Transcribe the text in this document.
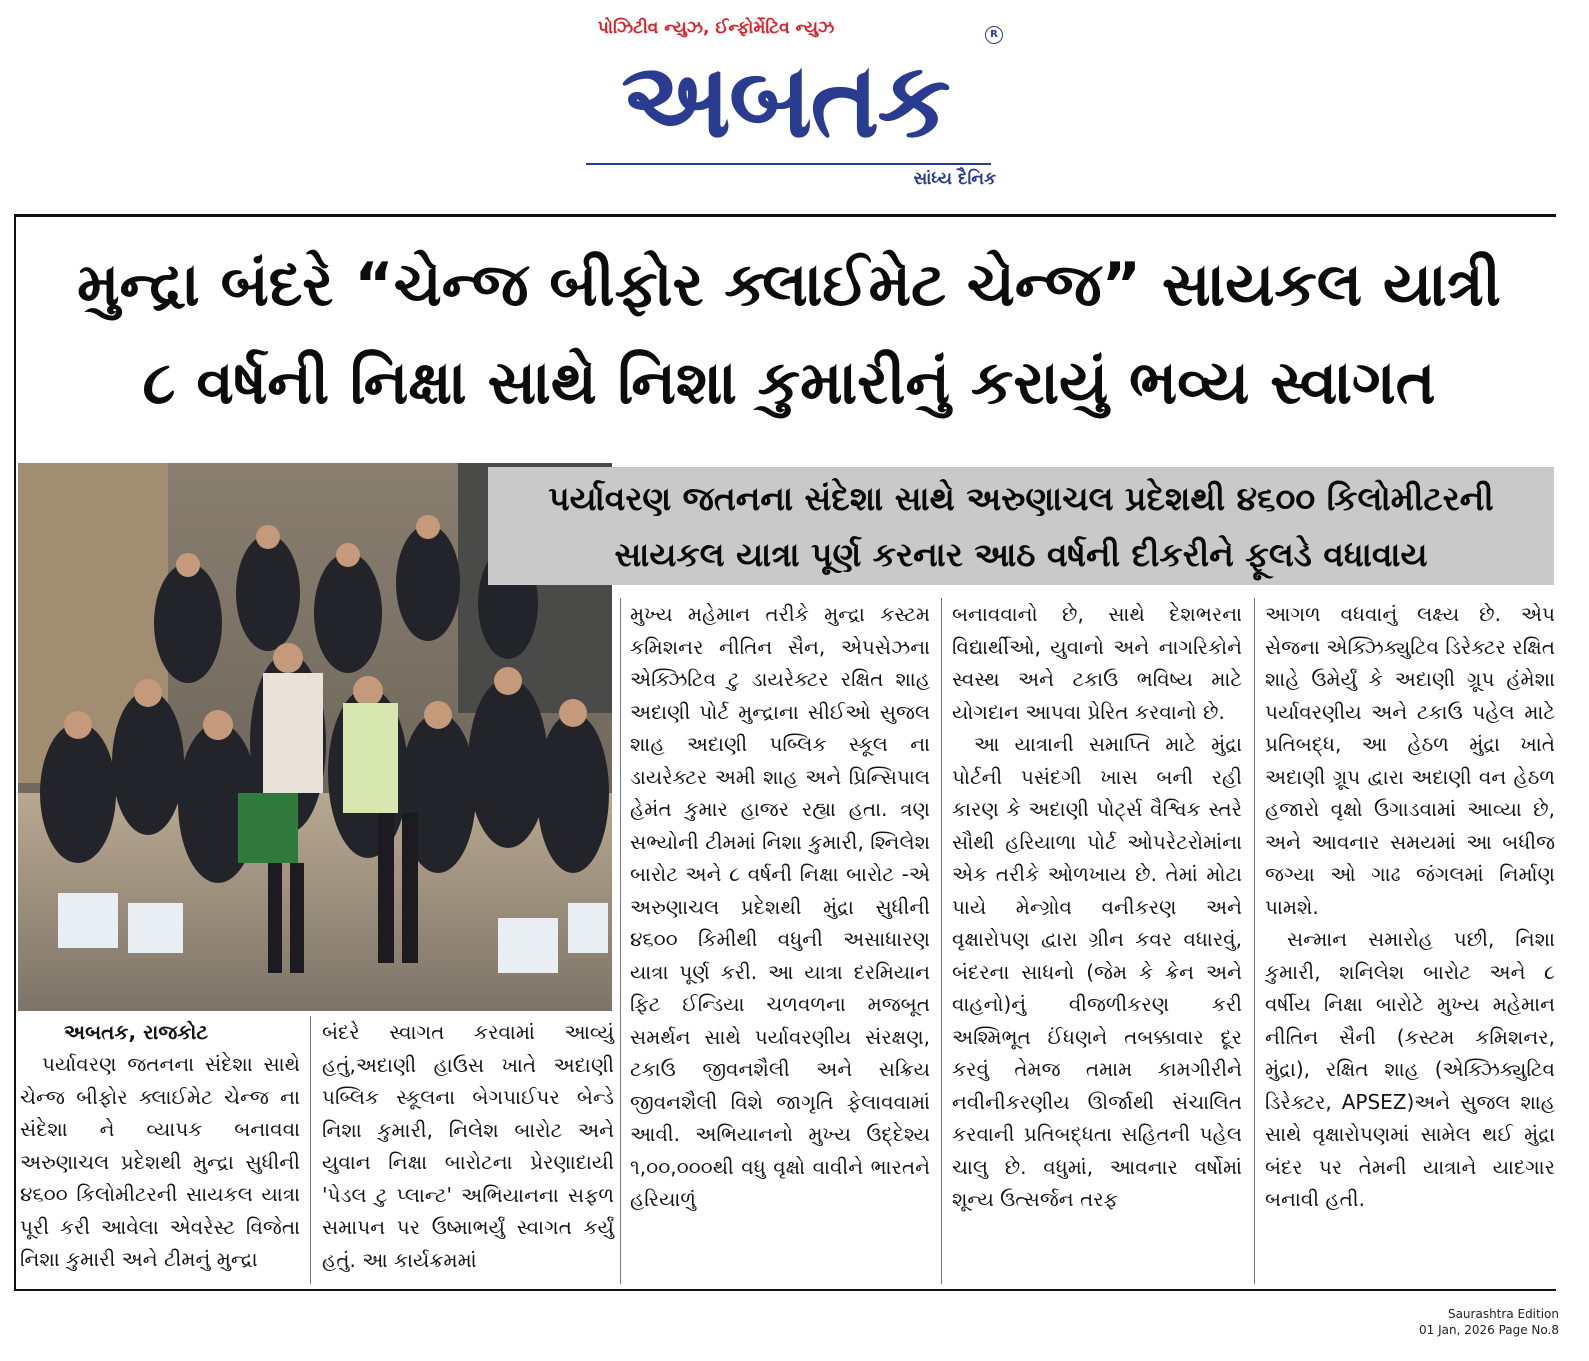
પોઝિટીવ ન્યુઝ, ઈન્ફોર્મેટિવ ન્યુઝ
અબતક
R
સાંધ્ય દૈનિક
મુન્દ્રા બંદરે “ચેન્જ બીફોર ક્લાઈમેટ ચેન્જ” સાયકલ યાત્રી
૮ વર્ષની નિક્ષા સાથે નિશા કુમારીનું કરાયું ભવ્ય સ્વાગત
પર્યાવરણ જતનના સંદેશા સાથે અરુણાચલ પ્રદેશથી ૪૬૦૦ કિલોમીટરની
સાયકલ યાત્રા પૂર્ણ કરનાર આઠ વર્ષની દીકરીને ફૂલડે વધાવાય
અબતક, રાજકોટ

પર્યાવરણ જતનના સંદેશા સાથે ચેન્જ બીફોર ક્લાઈમેટ ચેન્જ ના સંદેશા ને વ્યાપક બનાવવા અરુણાચલ પ્રદેશથી મુન્દ્રા સુધીની ૪૬૦૦ કિલોમીટરની સાયકલ યાત્રા પૂરી કરી આવેલા એવરેસ્ટ વિજેતા નિશા કુમારી અને ટીમનું મુન્દ્રા

બંદરે સ્વાગત કરવામાં આવ્યું હતું,અદાણી હાઉસ ખાતે અદાણી પબ્લિક સ્કૂલના બેગપાઈપર બેન્ડે નિશા કુમારી, નિલેશ બારોટ અને યુવાન નિક્ષા બારોટના પ્રેરણાદાયી 'પેડલ ટુ પ્લાન્ટ' અભિયાનના સફળ સમાપન પર ઉષ્માભર્યું સ્વાગત કર્યું હતું. આ કાર્યક્રમમાં

મુખ્ય મહેમાન તરીકે મુન્દ્રા કસ્ટમ કમિશનર નીતિન સૈન, એપસેઝના એક્ઝિટિવ ટુ ડાયરેક્ટર રક્ષિત શાહ અદાણી પોર્ટ મુન્દ્રાના સીઈઓ સુજલ શાહ અદાણી પબ્લિક સ્કૂલ ના ડાયરેક્ટર અમી શાહ અને પ્રિન્સિપાલ હેમંત કુમાર હાજર રહ્યા હતા. ત્રણ સભ્યોની ટીમમાં નિશા કુમારી, શ્નિલેશ બારોટ અને ૮ વર્ષની નિક્ષા બારોટ -એ અરુણાચલ પ્રદેશથી મુંદ્રા સુધીની ૪૬૦૦ કિમીથી વધુની અસાધારણ યાત્રા પૂર્ણ કરી. આ યાત્રા દરમિયાન ફિટ ઈન્ડિયા ચળવળના મજબૂત સમર્થન સાથે પર્યાવરણીય સંરક્ષણ, ટકાઉ જીવનશૈલી અને સક્રિય જીવનશૈલી વિશે જાગૃતિ ફેલાવવામાં આવી. અભિયાનનો મુખ્ય ઉદ્દેશ્ય ૧,૦૦,૦૦૦થી વધુ વૃક્ષો વાવીને ભારતને હરિયાળું

બનાવવાનો છે, સાથે દેશભરના વિદ્યાર્થીઓ, યુવાનો અને નાગરિકોને સ્વસ્થ અને ટકાઉ ભવિષ્ય માટે યોગદાન આપવા પ્રેરિત કરવાનો છે.

આ યાત્રાની સમાપ્તિ માટે મુંદ્રા પોર્ટની પસંદગી ખાસ બની રહી કારણ કે અદાણી પોર્ટ્સ વૈશ્વિક સ્તરે સૌથી હરિયાળા પોર્ટ ઓપરેટરોમાંના એક તરીકે ઓળખાય છે. તેમાં મોટા પાયે મેન્ગ્રોવ વનીકરણ અને વૃક્ષારોપણ દ્વારા ગ્રીન કવર વધારવું, બંદરના સાધનો (જેમ કે ક્રેન અને વાહનો)નું વીજળીકરણ કરી અશ્મિભૂત ઈંધણને તબક્કાવાર દૂર કરવું તેમજ તમામ કામગીરીને નવીનીકરણીય ઊર્જાથી સંચાલિત કરવાની પ્રતિબદ્ધતા સહિતની પહેલ ચાલુ છે. વધુમાં, આવનાર વર્ષોમાં શૂન્ય ઉત્સર્જન તરફ

આગળ વધવાનું લક્ષ્ય છે. એપ સેજના એક્ઝિક્યુટિવ ડિરેક્ટર રક્ષિત શાહે ઉમેર્યું કે અદાણી ગ્રૂપ હંમેશા પર્યાવરણીય અને ટકાઉ પહેલ માટે પ્રતિબદ્ધ, આ હેઠળ મુંદ્રા ખાતે અદાણી ગ્રૂપ દ્વારા અદાણી વન હેઠળ હજારો વૃક્ષો ઉગાડવામાં આવ્યા છે, અને આવનાર સમયમાં આ બધીજ જગ્યા ઓ ગાઢ જંગલમાં નિર્માણ પામશે.

સન્માન સમારોહ પછી, નિશા કુમારી, શનિલેશ બારોટ અને ૮ વર્ષીય નિક્ષા બારોટે મુખ્ય મહેમાન નીતિન સૈની (કસ્ટમ કમિશનર, મુંદ્રા), રક્ષિત શાહ (એક્ઝિક્યુટિવ ડિરેક્ટર, APSEZ)અને સુજલ શાહ સાથે વૃક્ષારોપણમાં સામેલ થઈ મુંદ્રા બંદર પર તેમની યાત્રાને યાદગાર બનાવી હતી.

Saurashtra Edition
01 Jan, 2026 Page No.8
